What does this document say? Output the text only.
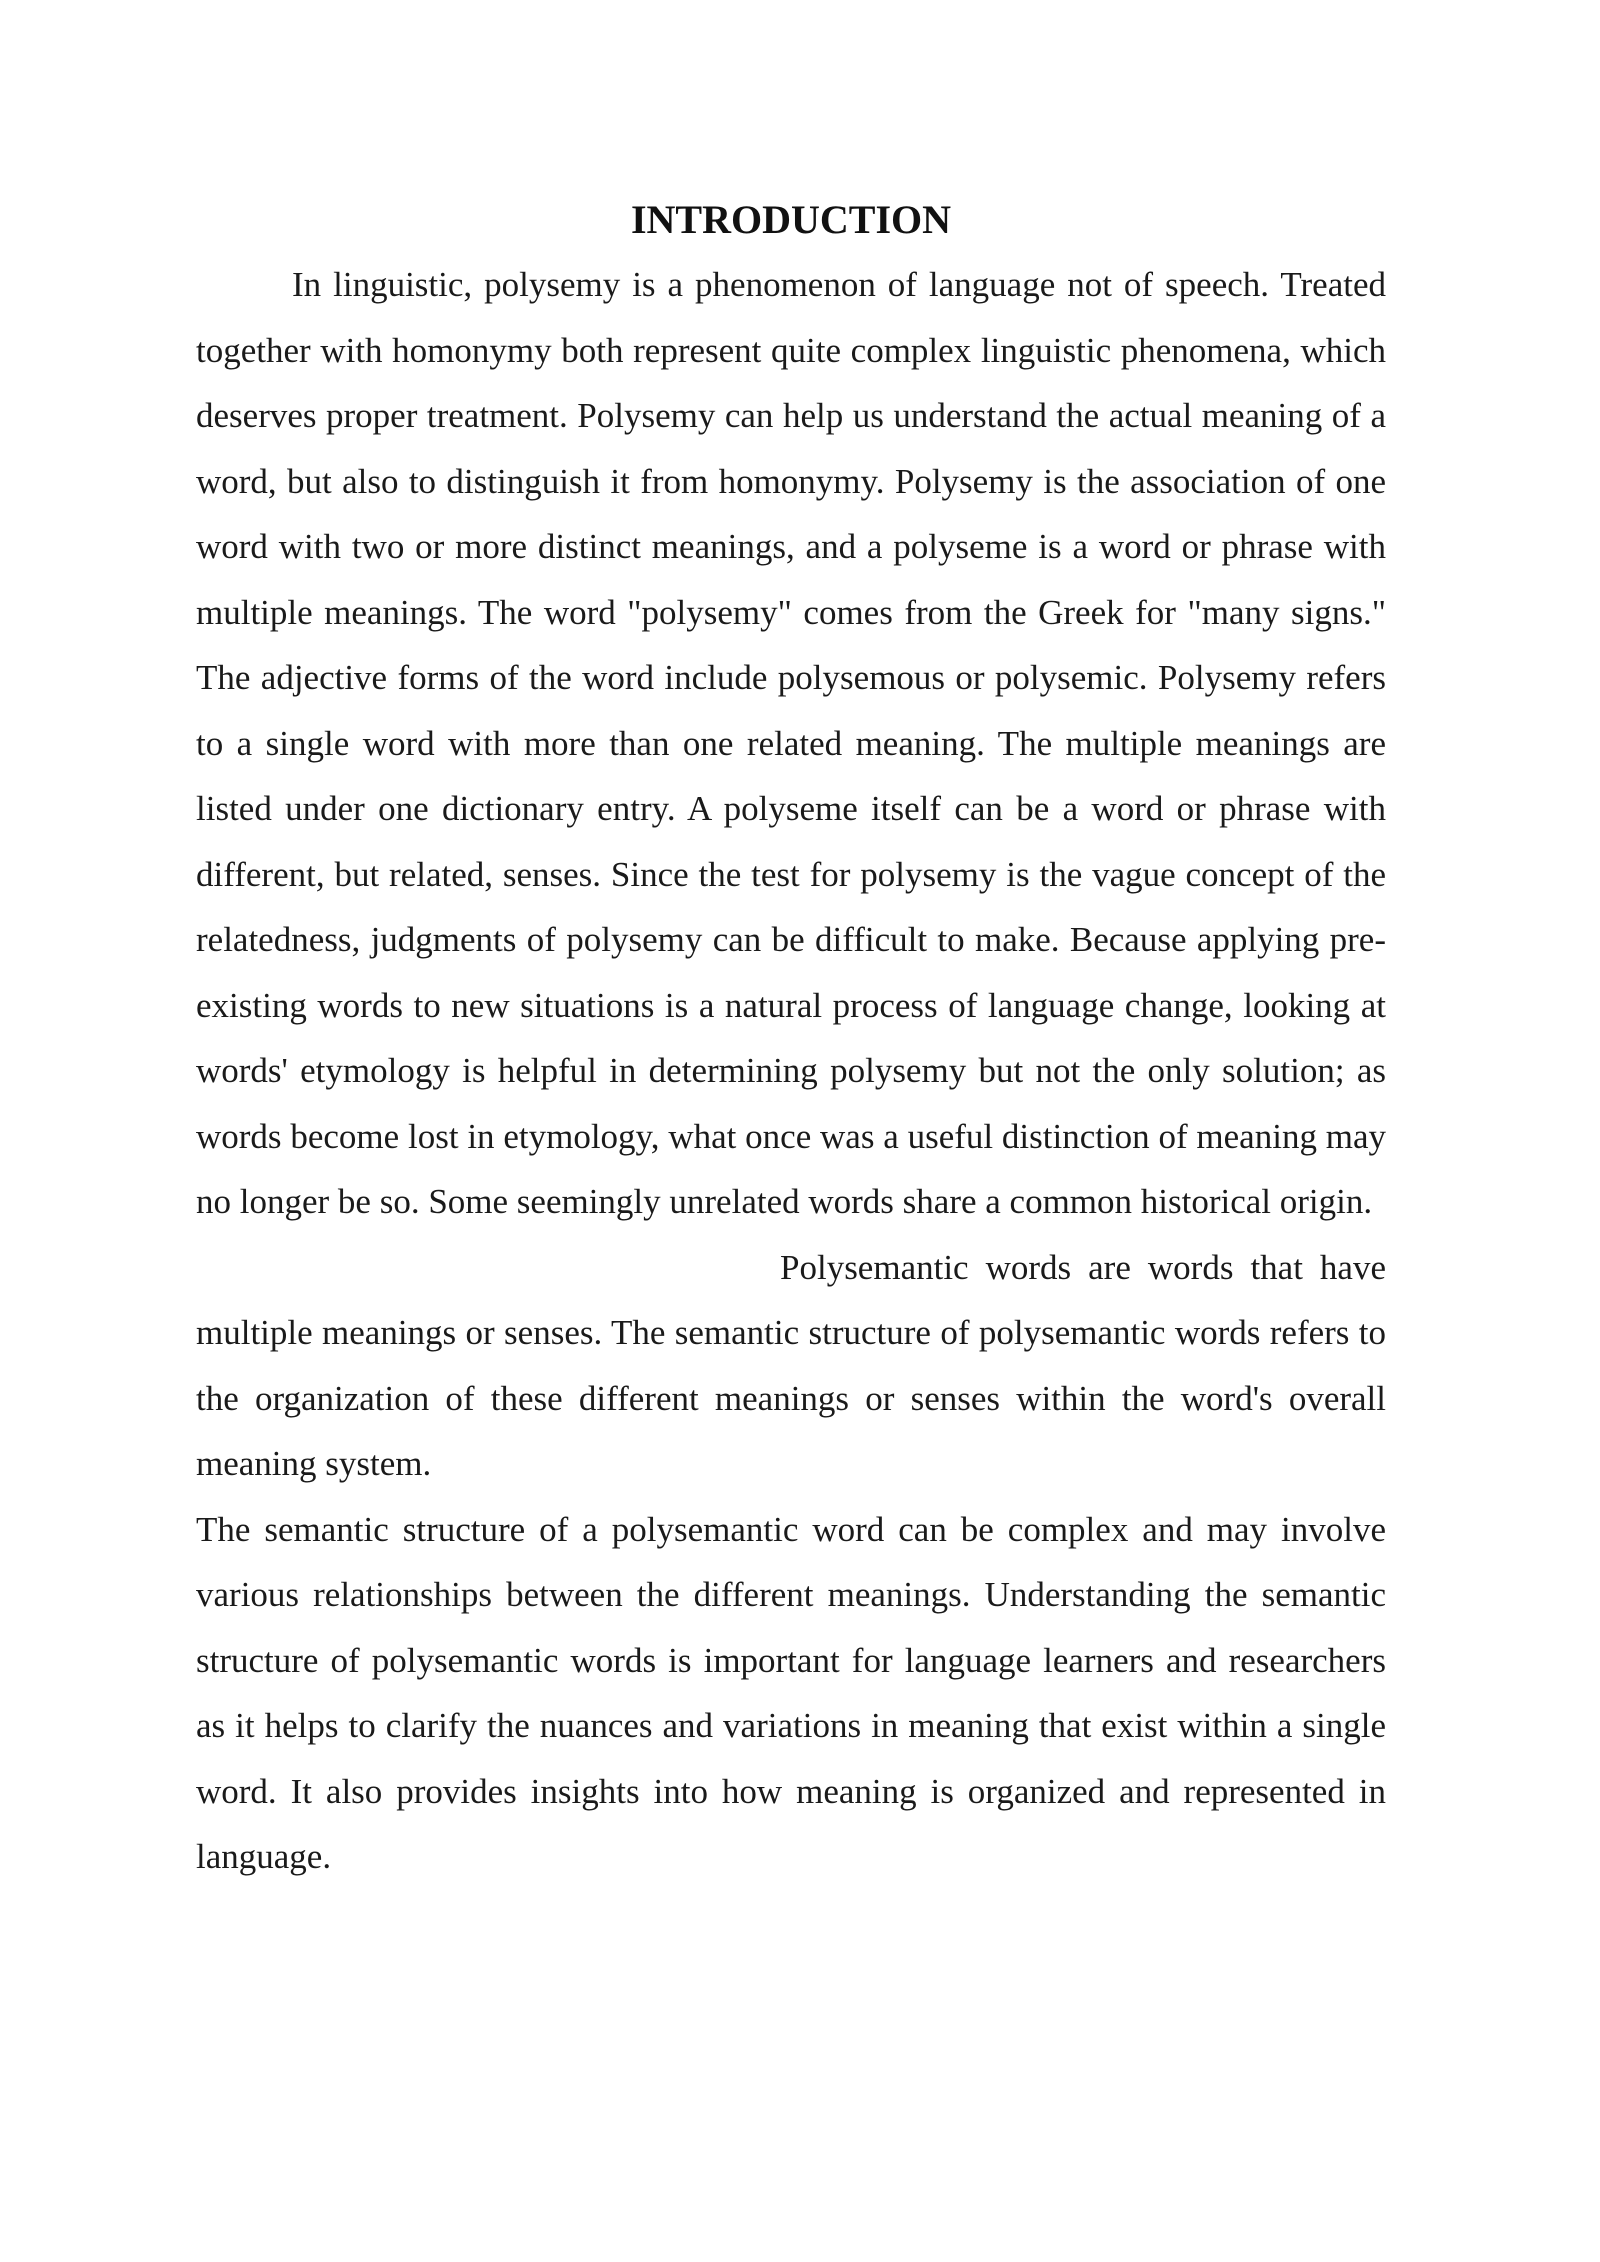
INTRODUCTION

In linguistic, polysemy is a phenomenon of language not of speech. Treated together with homonymy both represent quite complex linguistic phenomena, which deserves proper treatment. Polysemy can help us understand the actual meaning of a word, but also to distinguish it from homonymy. Polysemy is the association of one word with two or more distinct meanings, and a polyseme is a word or phrase with multiple meanings. The word "polysemy" comes from the Greek for "many signs." The adjective forms of the word include polysemous or polysemic. Polysemy refers to a single word with more than one related meaning. The multiple meanings are listed under one dictionary entry. A polyseme itself can be a word or phrase with different, but related, senses. Since the test for polysemy is the vague concept of the relatedness, judgments of polysemy can be difficult to make. Because applying pre-existing words to new situations is a natural process of language change, looking at words' etymology is helpful in determining polysemy but not the only solution; as words become lost in etymology, what once was a useful distinction of meaning may no longer be so. Some seemingly unrelated words share a common historical origin.

Polysemantic words are words that have multiple meanings or senses. The semantic structure of polysemantic words refers to the organization of these different meanings or senses within the word's overall meaning system.

The semantic structure of a polysemantic word can be complex and may involve various relationships between the different meanings. Understanding the semantic structure of polysemantic words is important for language learners and researchers as it helps to clarify the nuances and variations in meaning that exist within a single word. It also provides insights into how meaning is organized and represented in language.
